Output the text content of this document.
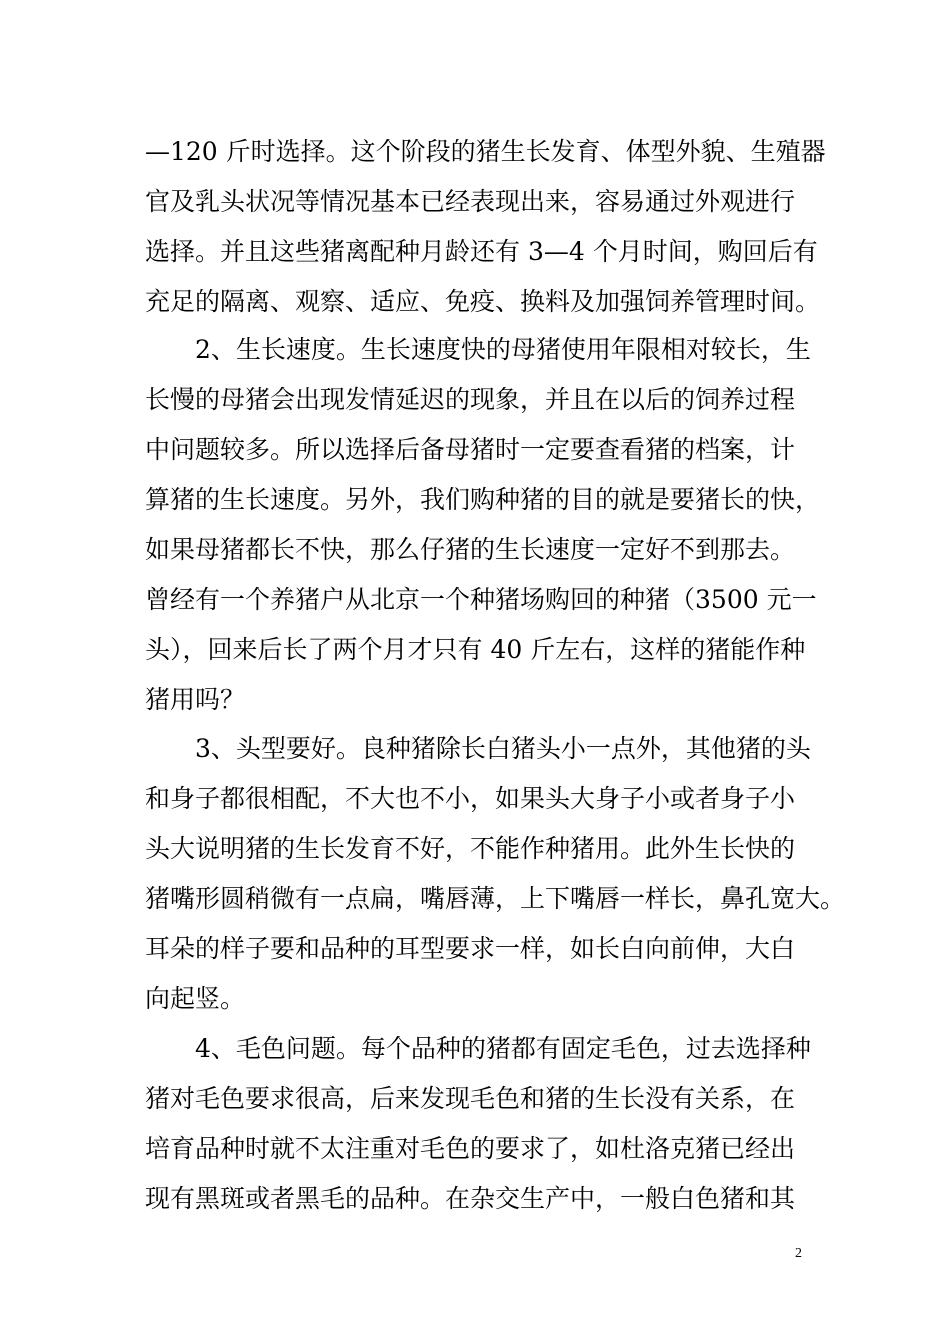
—120 斤时选择。这个阶段的猪生长发育、体型外貌、生殖器
官及乳头状况等情况基本已经表现出来，容易通过外观进行
选择。并且这些猪离配种月龄还有 3—4 个月时间，购回后有
充足的隔离、观察、适应、免疫、换料及加强饲养管理时间。
2、生长速度。生长速度快的母猪使用年限相对较长，生
长慢的母猪会出现发情延迟的现象，并且在以后的饲养过程
中问题较多。所以选择后备母猪时一定要查看猪的档案，计
算猪的生长速度。另外，我们购种猪的目的就是要猪长的快，
如果母猪都长不快，那么仔猪的生长速度一定好不到那去。
曾经有一个养猪户从北京一个种猪场购回的种猪（3500 元一
头），回来后长了两个月才只有 40 斤左右，这样的猪能作种
猪用吗？
3、头型要好。良种猪除长白猪头小一点外，其他猪的头
和身子都很相配，不大也不小，如果头大身子小或者身子小
头大说明猪的生长发育不好，不能作种猪用。此外生长快的
猪嘴形圆稍微有一点扁，嘴唇薄，上下嘴唇一样长，鼻孔宽大。
耳朵的样子要和品种的耳型要求一样，如长白向前伸，大白
向起竖。
4、毛色问题。每个品种的猪都有固定毛色，过去选择种
猪对毛色要求很高，后来发现毛色和猪的生长没有关系，在
培育品种时就不太注重对毛色的要求了，如杜洛克猪已经出
现有黑斑或者黑毛的品种。在杂交生产中，一般白色猪和其
2
